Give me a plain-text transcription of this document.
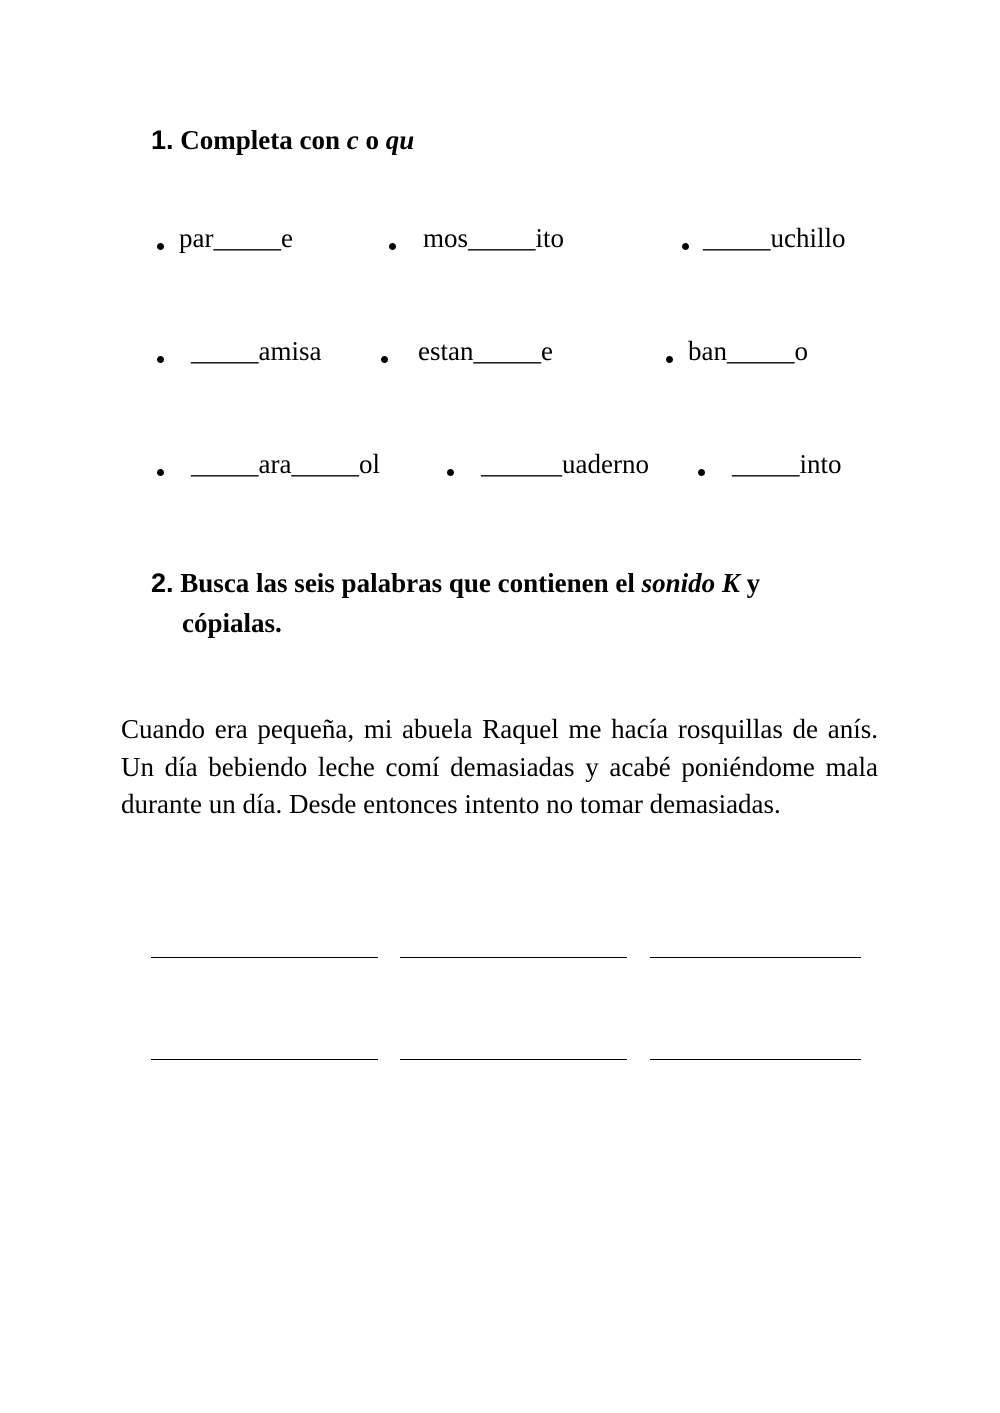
1. Completa con c o qu
par_____e	mos_____ito	_____uchillo
_____amisa	estan_____e	ban_____o
_____ara_____ol	______uaderno	_____into
2. Busca las seis palabras que contienen el sonido K y
cópialas.

Cuando era pequeña, mi abuela Raquel me hacía rosquillas de anís. Un día bebiendo leche comí demasiadas y acabé poniéndome mala durante un día. Desde entonces intento no tomar demasiadas.
